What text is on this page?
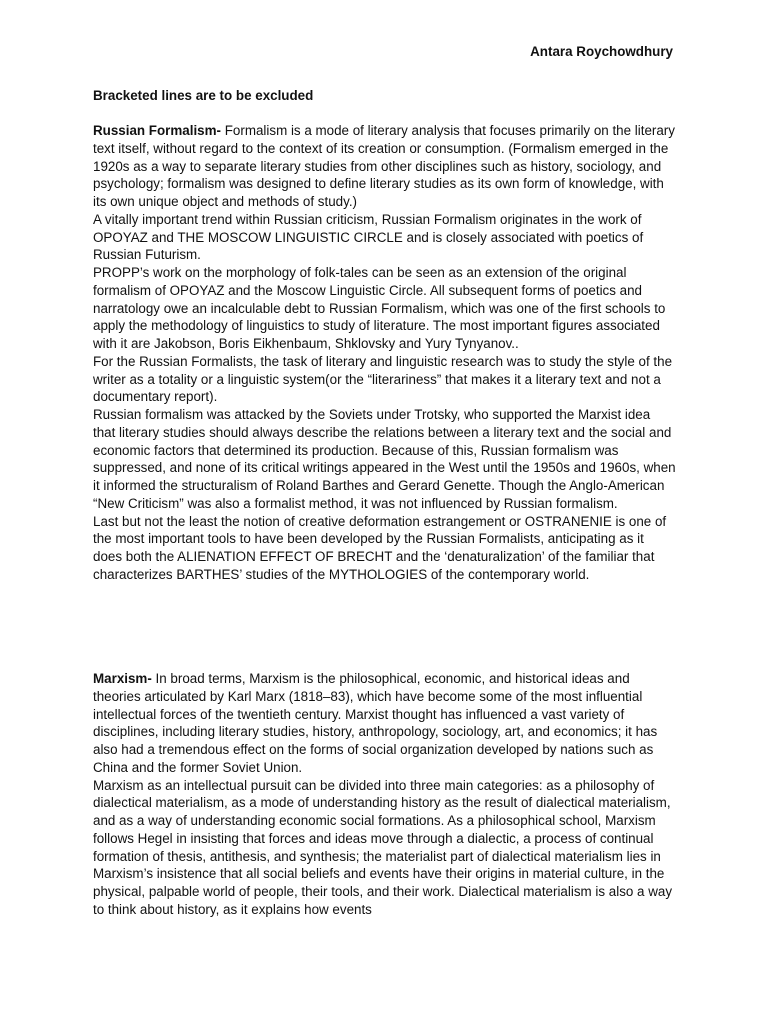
Antara Roychowdhury
Bracketed lines are to be excluded

Russian Formalism- Formalism is a mode of literary analysis that focuses primarily on the literary text itself, without regard to the context of its creation or consumption. (Formalism emerged in the 1920s as a way to separate literary studies from other disciplines such as history, sociology, and psychology; formalism was designed to define literary studies as its own form of knowledge, with its own unique object and methods of study.)

A vitally important trend within Russian criticism, Russian Formalism originates in the work of OPOYAZ and THE MOSCOW LINGUISTIC CIRCLE and is closely associated with poetics of Russian Futurism.

PROPP’s work on the morphology of folk-tales can be seen as an extension of the original formalism of OPOYAZ and the Moscow Linguistic Circle. All subsequent forms of poetics and narratology owe an incalculable debt to Russian Formalism, which was one of the first schools to apply the methodology of linguistics to study of literature. The most important figures associated with it are Jakobson, Boris Eikhenbaum, Shklovsky and Yury Tynyanov..

For the Russian Formalists, the task of literary and linguistic research was to study the style of the writer as a totality or a linguistic system(or the “literariness” that makes it a literary text and not a documentary report).

Russian formalism was attacked by the Soviets under Trotsky, who supported the Marxist idea that literary studies should always describe the relations between a literary text and the social and economic factors that determined its production. Because of this, Russian formalism was suppressed, and none of its critical writings appeared in the West until the 1950s and 1960s, when it informed the structuralism of Roland Barthes and Gerard Genette. Though the Anglo-American “New Criticism” was also a formalist method, it was not influenced by Russian formalism.

Last but not the least the notion of creative deformation estrangement or OSTRANENIE is one of the most important tools to have been developed by the Russian Formalists, anticipating as it does both the ALIENATION EFFECT OF BRECHT and the ‘denaturalization’ of the familiar that characterizes BARTHES’ studies of the MYTHOLOGIES of the contemporary world.

Marxism- In broad terms, Marxism is the philosophical, economic, and historical ideas and theories articulated by Karl Marx (1818–83), which have become some of the most influential intellectual forces of the twentieth century. Marxist thought has influenced a vast variety of disciplines, including literary studies, history, anthropology, sociology, art, and economics; it has also had a tremendous effect on the forms of social organization developed by nations such as China and the former Soviet Union.

Marxism as an intellectual pursuit can be divided into three main categories: as a philosophy of dialectical materialism, as a mode of understanding history as the result of dialectical materialism, and as a way of understanding economic social formations. As a philosophical school, Marxism follows Hegel in insisting that forces and ideas move through a dialectic, a process of continual formation of thesis, antithesis, and synthesis; the materialist part of dialectical materialism lies in Marxism’s insistence that all social beliefs and events have their origins in material culture, in the physical, palpable world of people, their tools, and their work. Dialectical materialism is also a way to think about history, as it explains how events
